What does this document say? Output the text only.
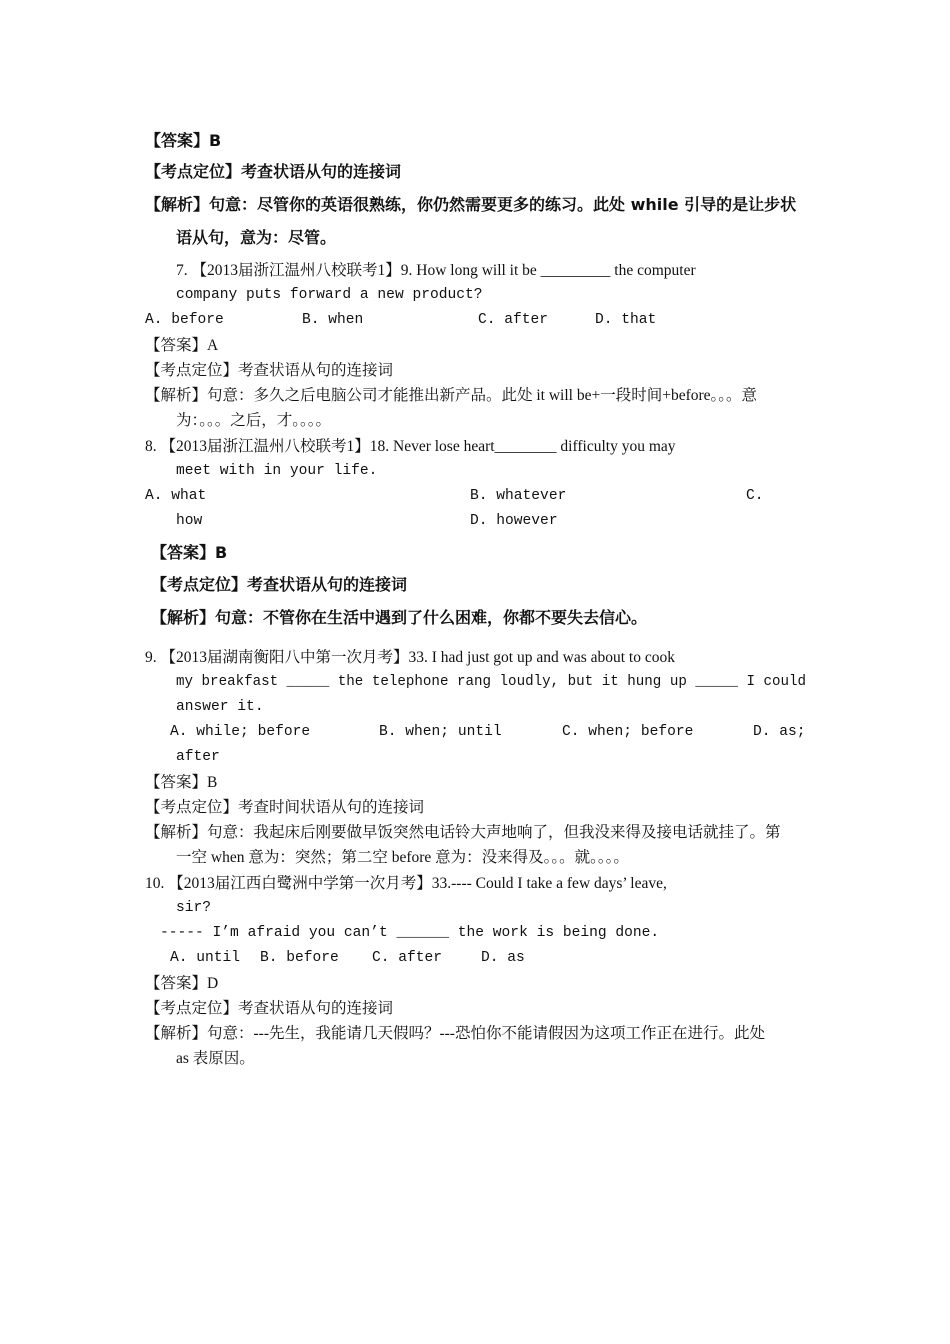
【答案】B
【考点定位】考查状语从句的连接词
【解析】句意：尽管你的英语很熟练，你仍然需要更多的练习。此处 while 引导的是让步状
语从句，意为：尽管。
7. 【2013届浙江温州八校联考1】9. How long will it be _________ the computer
company puts forward a new product?
A. before	B. when	C. after	D. that
【答案】A
【考点定位】考查状语从句的连接词
【解析】句意：多久之后电脑公司才能推出新产品。此处 it will be+一段时间+before。。。意
为：。。。之后，才。。。。
8. 【2013届浙江温州八校联考1】18. Never lose heart________ difficulty you may
meet with in your life.
A. what	B. whatever	C.
how	D. however
【答案】B
【考点定位】考查状语从句的连接词
【解析】句意：不管你在生活中遇到了什么困难，你都不要失去信心。
9. 【2013届湖南衡阳八中第一次月考】33. I had just got up and was about to cook
my breakfast _____ the telephone rang loudly, but it hung up _____ I could
answer it.
A. while; before	B. when; until	C. when; before	D. as;
after
【答案】B
【考点定位】考查时间状语从句的连接词
【解析】句意：我起床后刚要做早饭突然电话铃大声地响了，但我没来得及接电话就挂了。第
一空 when 意为：突然；第二空 before 意为：没来得及。。。就。。。。
10. 【2013届江西白鹭洲中学第一次月考】33.---- Could I take a few days’ leave,
sir?
----- I’m afraid you can’t ______ the work is being done.
A. until B. before C. after	D. as
【答案】D
【考点定位】考查状语从句的连接词
【解析】句意：---先生，我能请几天假吗？---恐怕你不能请假因为这项工作正在进行。此处
as 表原因。
